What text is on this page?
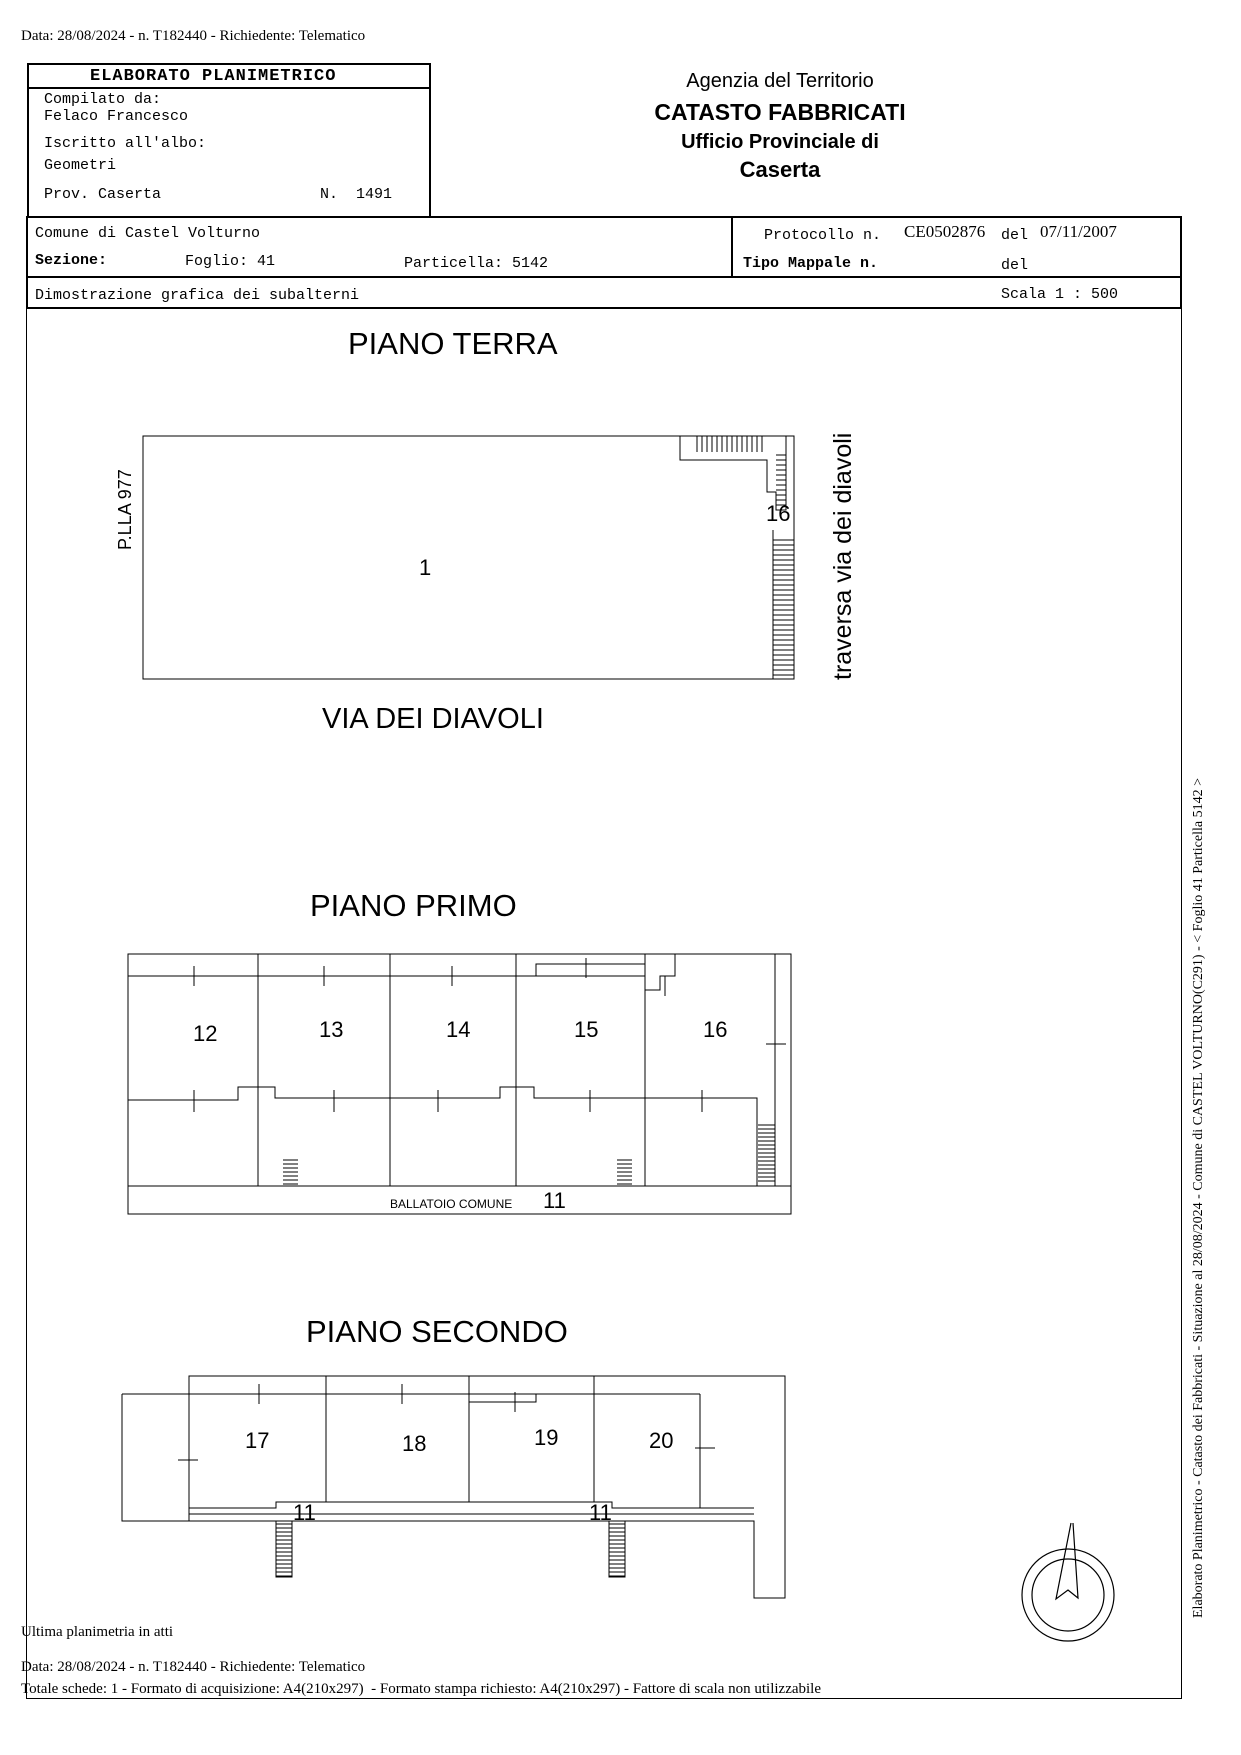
Data: 28/08/2024 - n. T182440 - Richiedente: Telematico
ELABORATO PLANIMETRICO
Compilato da:
Felaco Francesco
Iscritto all'albo:
Geometri
Prov. Caserta	N.  1491
Agenzia del Territorio
CATASTO FABBRICATI
Ufficio Provinciale di
Caserta
Comune di Castel Volturno
Sezione:	Foglio: 41	Particella: 5142
Protocollo n. CE0502876 del 07/11/2007
Tipo Mappale n.	del
Dimostrazione grafica dei subalterni	Scala 1 : 500
PIANO TERRA
VIA DEI DIAVOLI
P.LLA 977	traversa via dei diavoli
1
16
PIANO PRIMO
12	13	14	15	16
BALLATOIO COMUNE 11
PIANO SECONDO
17	18	19	20
11	11	Elaborato Planimetrico - Catasto dei Fabbricati - Situazione al 28/08/2024 - Comune di CASTEL VOLTURNO(C291) - < Foglio 41 Particella 5142 >
Ultima planimetria in atti
Data: 28/08/2024 - n. T182440 - Richiedente: Telematico
Totale schede: 1 - Formato di acquisizione: A4(210x297)  - Formato stampa richiesto: A4(210x297) - Fattore di scala non utilizzabile
